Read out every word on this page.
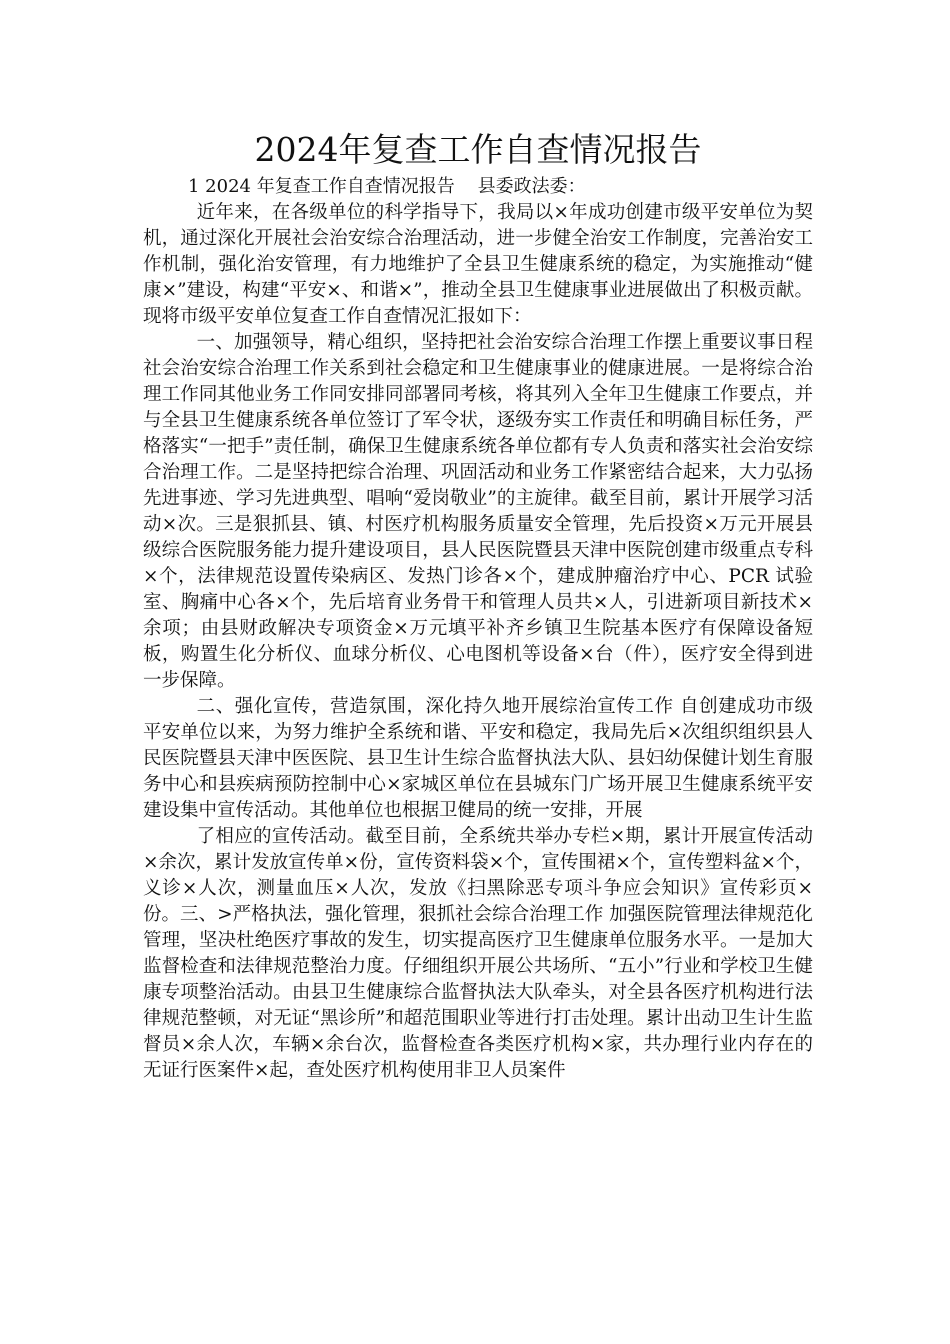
2024年复查工作自查情况报告
1 2024 年复查工作自查情况报告    县委政法委：

近年来，在各级单位的科学指导下，我局以×年成功创建市级平安单位为契机，通过深化开展社会治安综合治理活动，进一步健全治安工作制度，完善治安工作机制，强化治安管理，有力地维护了全县卫生健康系统的稳定，为实施推动“健康×”建设，构建“平安×、和谐×”，推动全县卫生健康事业进展做出了积极贡献。现将市级平安单位复查工作自查情况汇报如下：

一、加强领导，精心组织，坚持把社会治安综合治理工作摆上重要议事日程 社会治安综合治理工作关系到社会稳定和卫生健康事业的健康进展。一是将综合治理工作同其他业务工作同安排同部署同考核，将其列入全年卫生健康工作要点，并与全县卫生健康系统各单位签订了军令状，逐级夯实工作责任和明确目标任务，严格落实“一把手”责任制，确保卫生健康系统各单位都有专人负责和落实社会治安综合治理工作。二是坚持把综合治理、巩固活动和业务工作紧密结合起来，大力弘扬先进事迹、学习先进典型、唱响“爱岗敬业”的主旋律。截至目前，累计开展学习活动×次。三是狠抓县、镇、村医疗机构服务质量安全管理，先后投资×万元开展县级综合医院服务能力提升建设项目，县人民医院暨县天津中医院创建市级重点专科×个，法律规范设置传染病区、发热门诊各×个，建成肿瘤治疗中心、PCR 试验室、胸痛中心各×个，先后培育业务骨干和管理人员共×人，引进新项目新技术×余项；由县财政解决专项资金×万元填平补齐乡镇卫生院基本医疗有保障设备短板，购置生化分析仪、血球分析仪、心电图机等设备×台（件），医疗安全得到进一步保障。

二、强化宣传，营造氛围，深化持久地开展综治宣传工作 自创建成功市级平安单位以来，为努力维护全系统和谐、平安和稳定，我局先后×次组织组织县人民医院暨县天津中医医院、县卫生计生综合监督执法大队、县妇幼保健计划生育服务中心和县疾病预防控制中心×家城区单位在县城东门广场开展卫生健康系统平安建设集中宣传活动。其他单位也根据卫健局的统一安排，开展

了相应的宣传活动。截至目前，全系统共举办专栏×期，累计开展宣传活动×余次，累计发放宣传单×份，宣传资料袋×个，宣传围裙×个，宣传塑料盆×个，义诊×人次，测量血压×人次，发放《扫黑除恶专项斗争应会知识》宣传彩页×份。三、>严格执法，强化管理，狠抓社会综合治理工作 加强医院管理法律规范化管理，坚决杜绝医疗事故的发生，切实提高医疗卫生健康单位服务水平。一是加大监督检查和法律规范整治力度。仔细组织开展公共场所、“五小”行业和学校卫生健康专项整治活动。由县卫生健康综合监督执法大队牵头，对全县各医疗机构进行法律规范整顿，对无证“黑诊所”和超范围职业等进行打击处理。累计出动卫生计生监督员×余人次，车辆×余台次，监督检查各类医疗机构×家，共办理行业内存在的无证行医案件×起，查处医疗机构使用非卫人员案件
